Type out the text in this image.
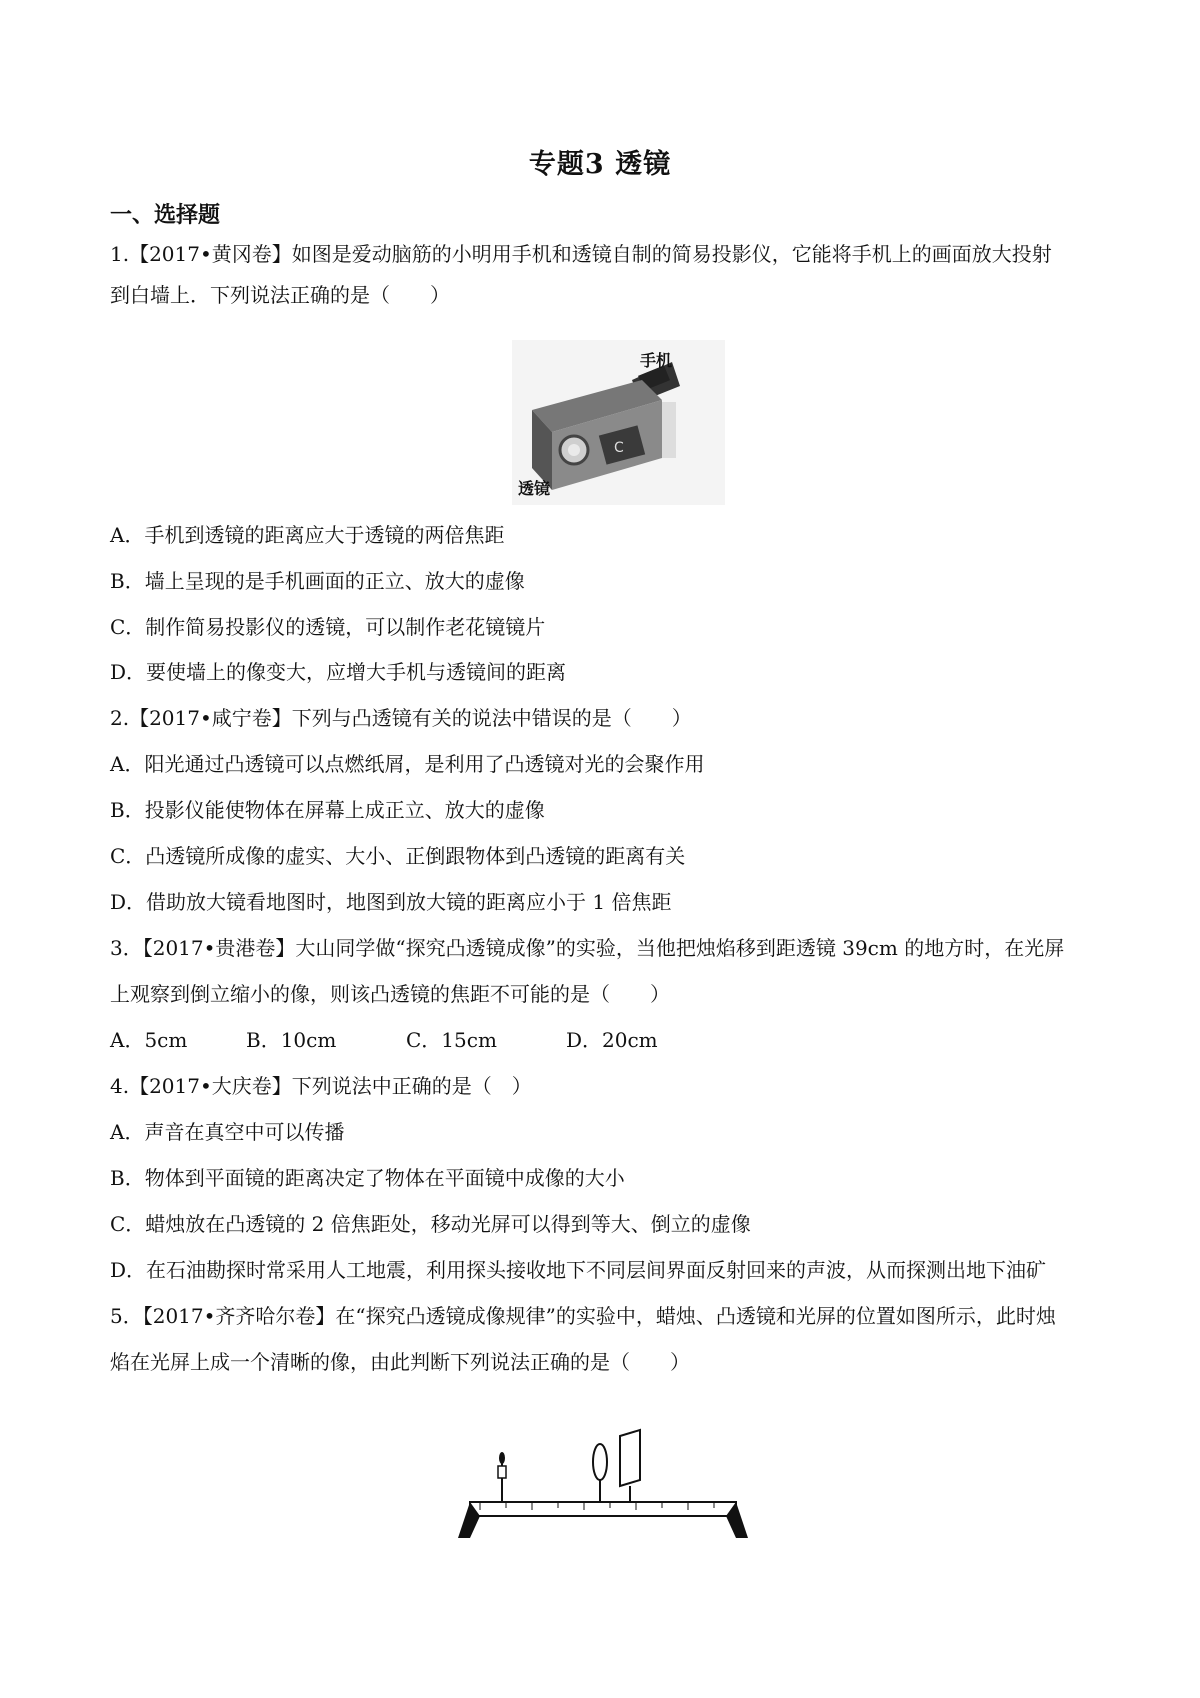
专题3 透镜
一、选择题
1.【2017•黄冈卷】如图是爱动脑筋的小明用手机和透镜自制的简易投影仪，它能将手机上的画面放大投射
到白墙上．下列说法正确的是（　　）
C
手机
透镜
A．手机到透镜的距离应大于透镜的两倍焦距
B．墙上呈现的是手机画面的正立、放大的虚像
C．制作简易投影仪的透镜，可以制作老花镜镜片
D．要使墙上的像变大，应增大手机与透镜间的距离
2.【2017•咸宁卷】下列与凸透镜有关的说法中错误的是（　　）
A．阳光通过凸透镜可以点燃纸屑，是利用了凸透镜对光的会聚作用
B．投影仪能使物体在屏幕上成正立、放大的虚像
C．凸透镜所成像的虚实、大小、正倒跟物体到凸透镜的距离有关
D．借助放大镜看地图时，地图到放大镜的距离应小于 1 倍焦距
3．【2017•贵港卷】大山同学做“探究凸透镜成像”的实验，当他把烛焰移到距透镜 39cm 的地方时，在光屏
上观察到倒立缩小的像，则该凸透镜的焦距不可能的是（　　）
A．5cm	B．10cm	C．15cm	D．20cm
4.【2017•大庆卷】下列说法中正确的是（　）
A．声音在真空中可以传播
B．物体到平面镜的距离决定了物体在平面镜中成像的大小
C．蜡烛放在凸透镜的 2 倍焦距处，移动光屏可以得到等大、倒立的虚像
D．在石油勘探时常采用人工地震，利用探头接收地下不同层间界面反射回来的声波，从而探测出地下油矿
5．【2017•齐齐哈尔卷】在“探究凸透镜成像规律”的实验中，蜡烛、凸透镜和光屏的位置如图所示，此时烛
焰在光屏上成一个清晰的像，由此判断下列说法正确的是（　　）
